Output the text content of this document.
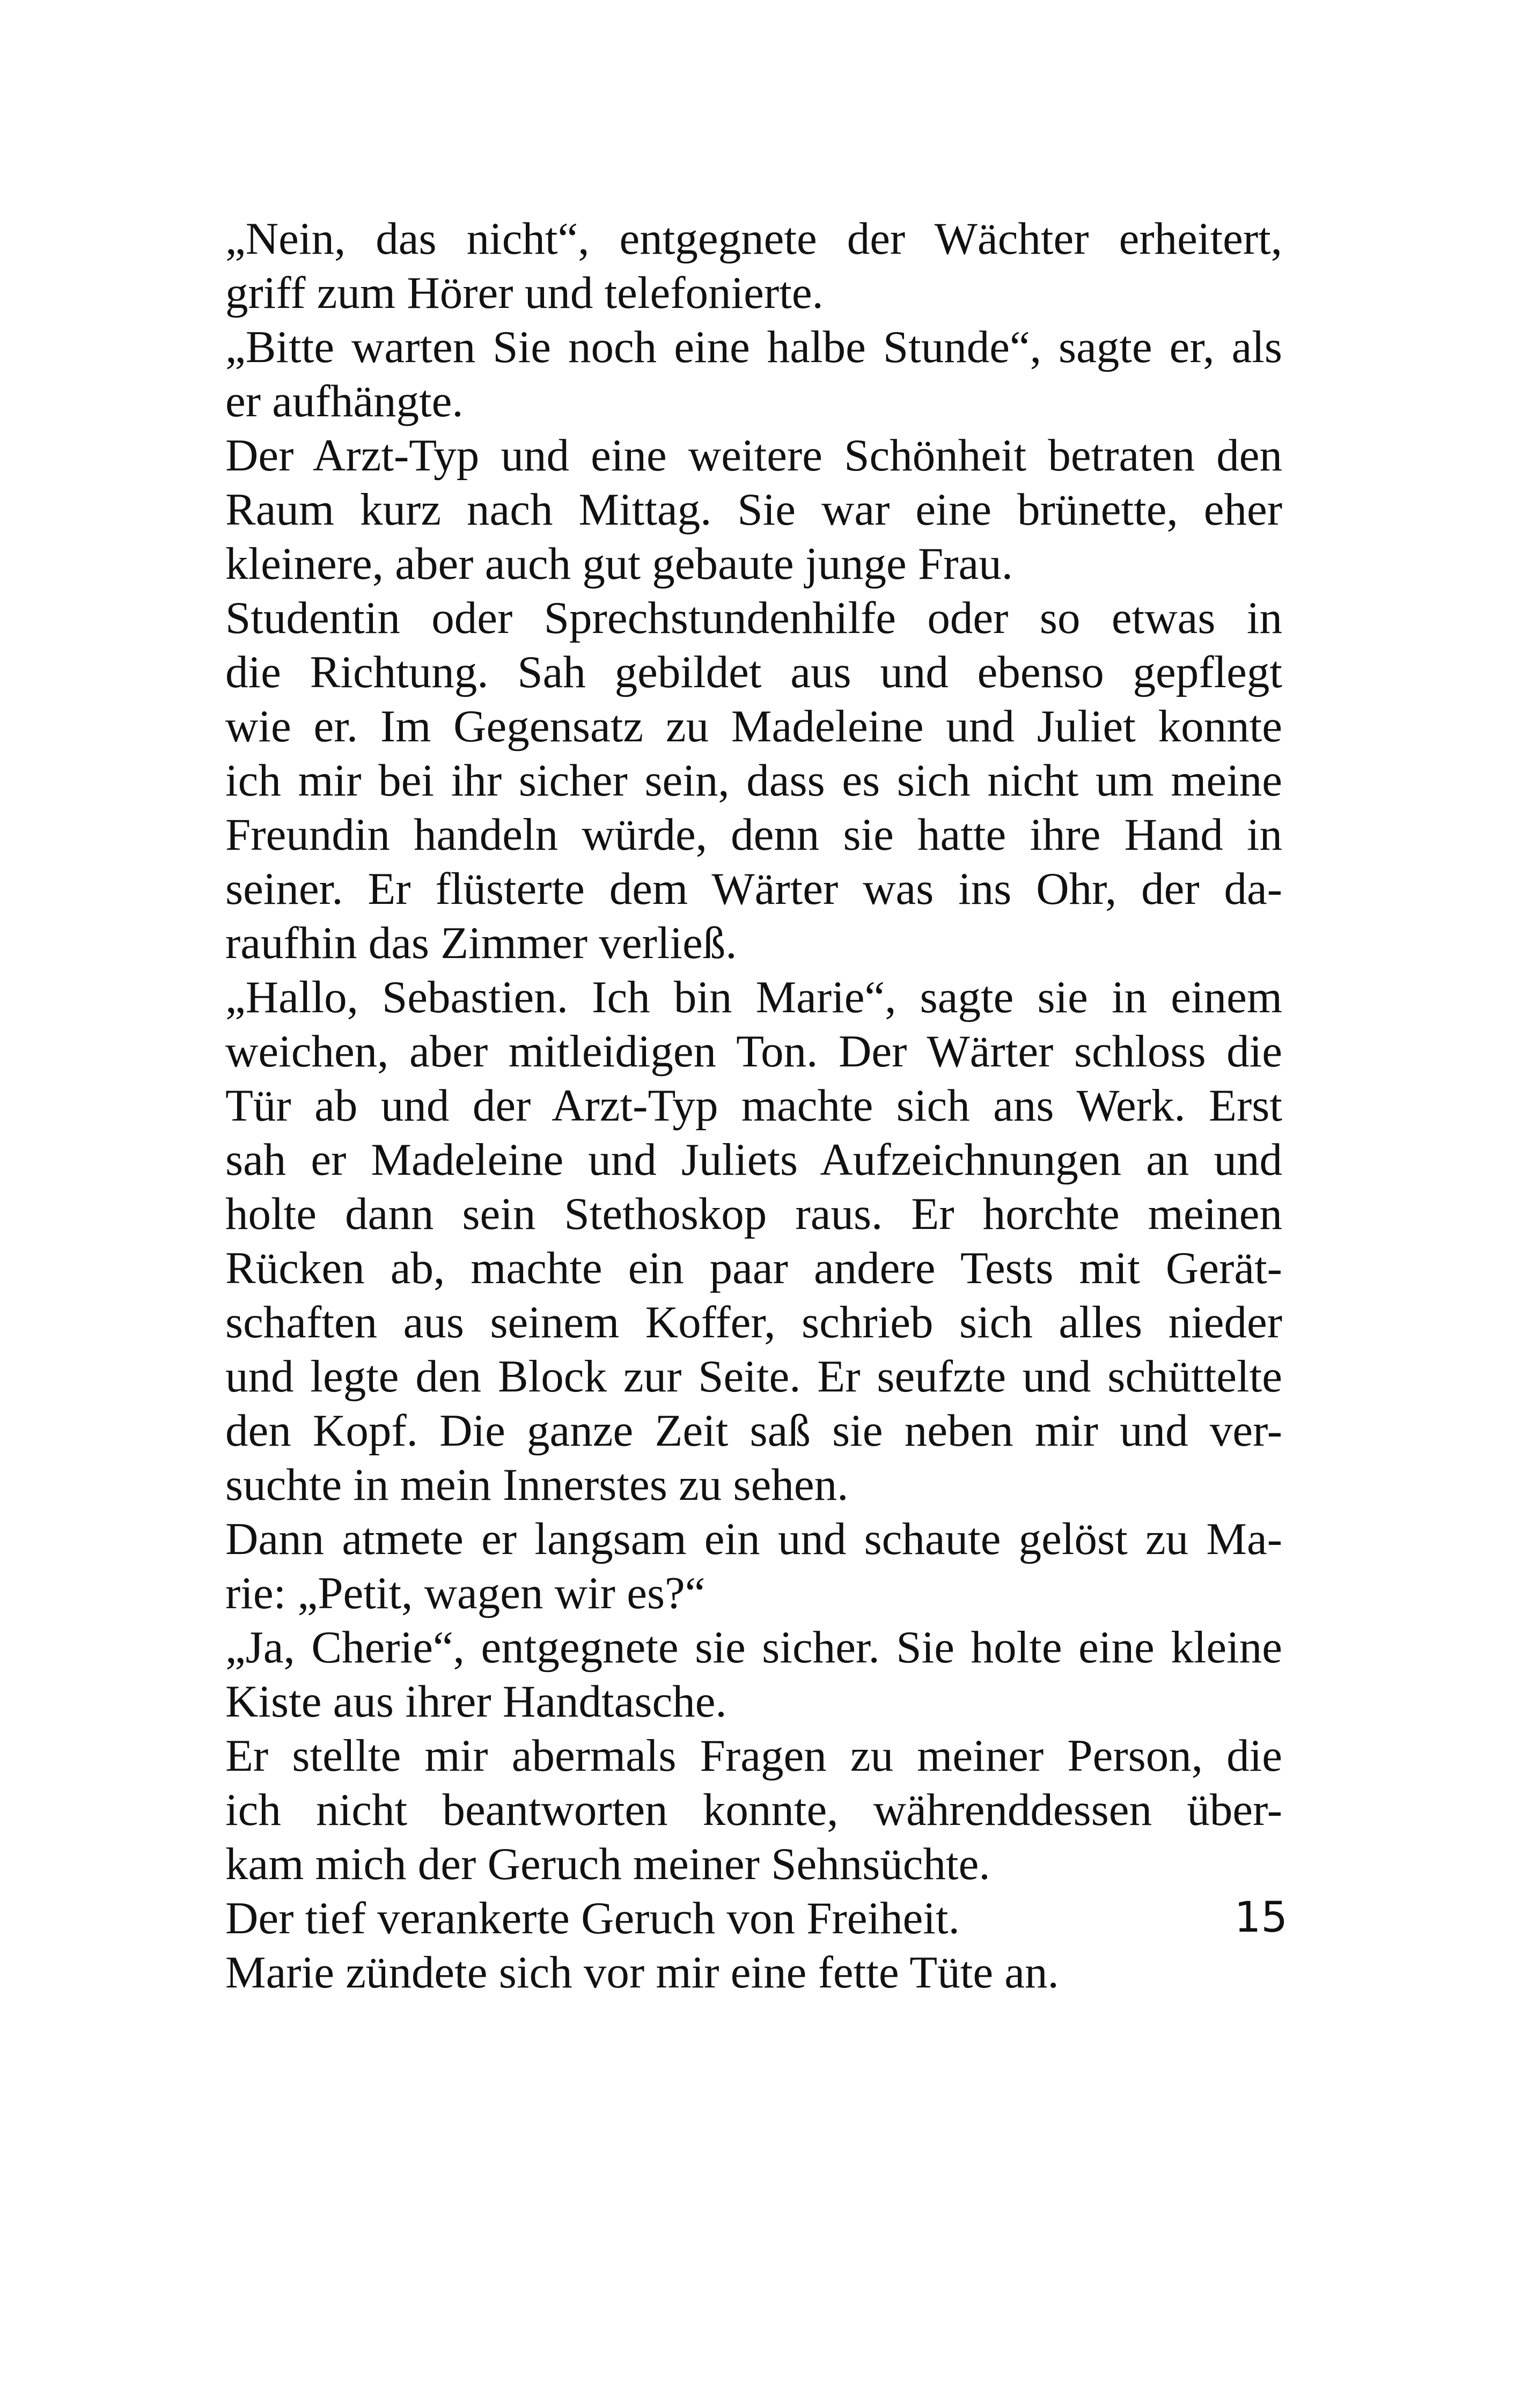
„Nein, das nicht“, entgegnete der Wächter erheitert,
griff zum Hörer und telefonierte.
„Bitte warten Sie noch eine halbe Stunde“, sagte er, als
er aufhängte.
Der Arzt-Typ und eine weitere Schönheit betraten den
Raum kurz nach Mittag. Sie war eine brünette, eher
kleinere, aber auch gut gebaute junge Frau.
Studentin oder Sprechstundenhilfe oder so etwas in
die Richtung. Sah gebildet aus und ebenso gepflegt
wie er. Im Gegensatz zu Madeleine und Juliet konnte
ich mir bei ihr sicher sein, dass es sich nicht um meine
Freundin handeln würde, denn sie hatte ihre Hand in
seiner. Er flüsterte dem Wärter was ins Ohr, der da-
raufhin das Zimmer verließ.
„Hallo, Sebastien. Ich bin Marie“, sagte sie in einem
weichen, aber mitleidigen Ton. Der Wärter schloss die
Tür ab und der Arzt-Typ machte sich ans Werk. Erst
sah er Madeleine und Juliets Aufzeichnungen an und
holte dann sein Stethoskop raus. Er horchte meinen
Rücken ab, machte ein paar andere Tests mit Gerät-
schaften aus seinem Koffer, schrieb sich alles nieder
und legte den Block zur Seite. Er seufzte und schüttelte
den Kopf. Die ganze Zeit saß sie neben mir und ver-
suchte in mein Innerstes zu sehen.
Dann atmete er langsam ein und schaute gelöst zu Ma-
rie: „Petit, wagen wir es?“
„Ja, Cherie“, entgegnete sie sicher. Sie holte eine kleine
Kiste aus ihrer Handtasche.
Er stellte mir abermals Fragen zu meiner Person, die
ich nicht beantworten konnte, währenddessen über-
kam mich der Geruch meiner Sehnsüchte.
Der tief verankerte Geruch von Freiheit.
Marie zündete sich vor mir eine fette Tüte an.
15
